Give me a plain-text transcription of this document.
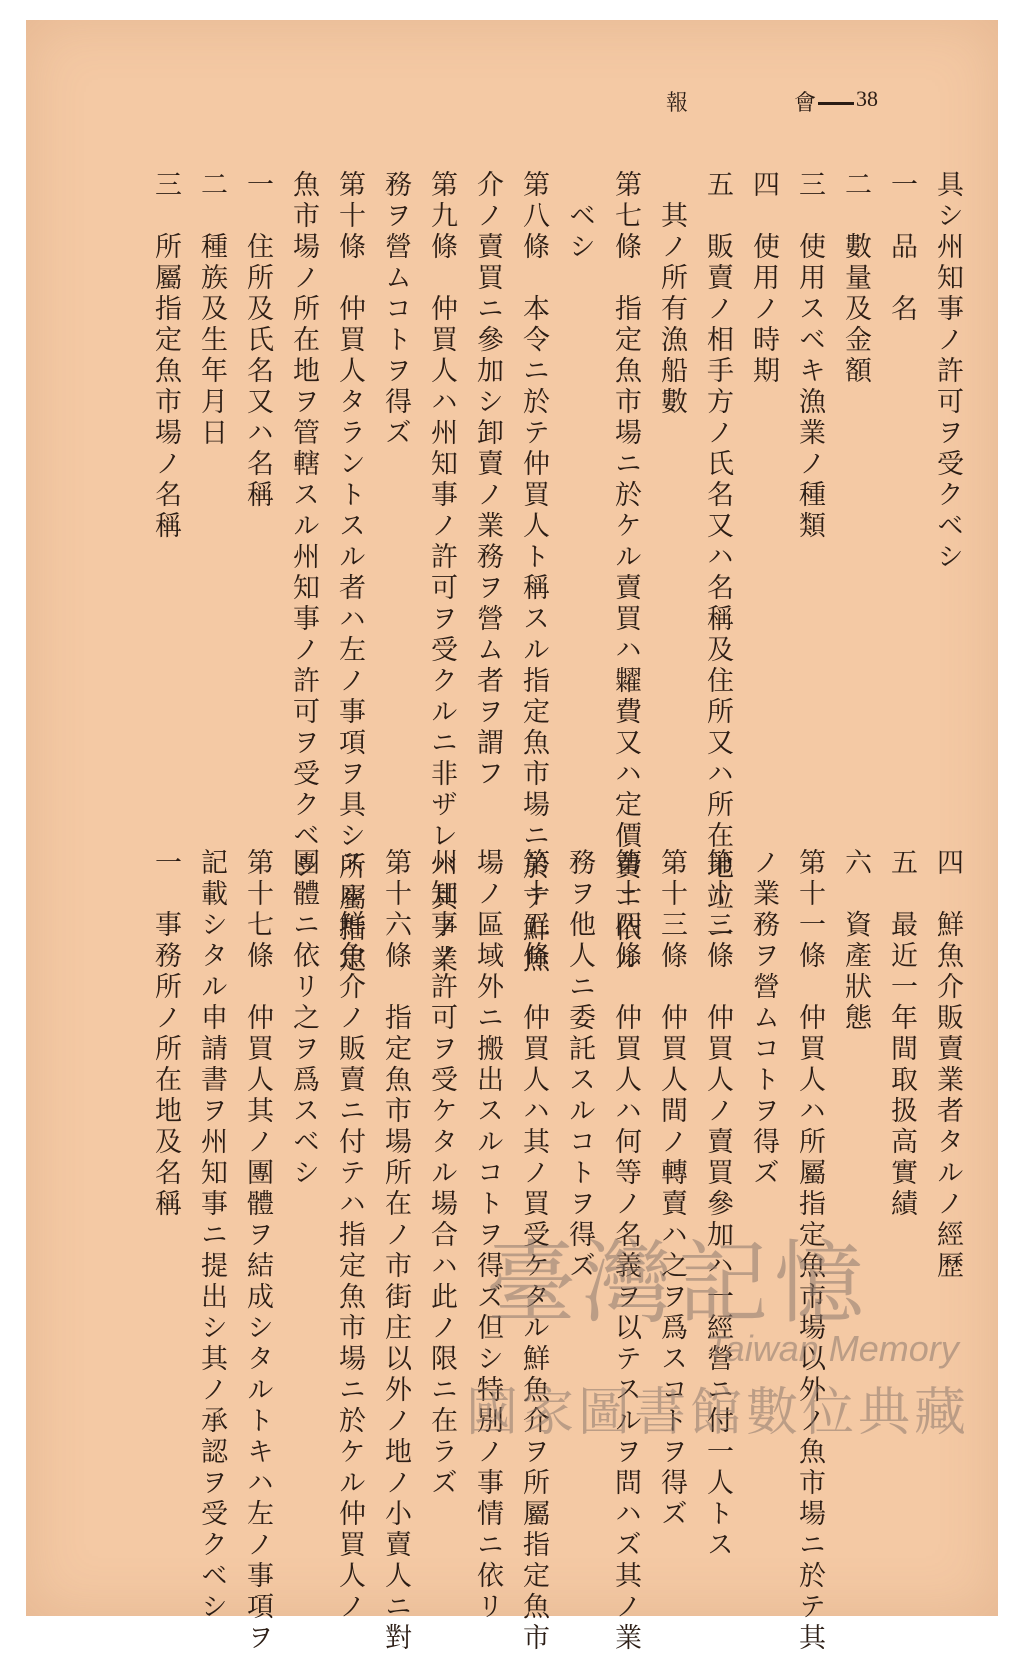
報	會 38
具シ州知事ノ許可ヲ受クベシ
一　品　名
二　數量及金額
三　使用スベキ漁業ノ種類
四　使用ノ時期
五　販賣ノ相手方ノ氏名又ハ名稱及住所又ハ所在地竝ニ
　其ノ所有漁船數
第七條　指定魚市場ニ於ケル賣買ハ糶費又ハ定價費ニ依ル
　ベシ
第八條　本令ニ於テ仲買人ト稱スル指定魚市場ニ於テ鮮魚
介ノ賣買ニ參加シ卸賣ノ業務ヲ營ム者ヲ謂フ
第九條　仲買人ハ州知事ノ許可ヲ受クルニ非ザレバ其ノ業
務ヲ營ムコトヲ得ズ
第十條　仲買人タラントスル者ハ左ノ事項ヲ具シ所屬指定
魚市場ノ所在地ヲ管轄スル州知事ノ許可ヲ受クベシ
一　住所及氏名又ハ名稱
二　種族及生年月日
三　所屬指定魚市場ノ名稱
四　鮮魚介販賣業者タルノ經歷
五　最近一年間取扱高實績
六　資產狀態
第十一條　仲買人ハ所屬指定魚市場以外ノ魚市場ニ於テ其
ノ業務ヲ營ムコトヲ得ズ
第十二條　仲買人ノ賣買參加ハ一經營ニ付一人トス
第十三條　仲買人間ノ轉賣ハ之ヲ爲スコトヲ得ズ
第十四條　仲買人ハ何等ノ名義ヲ以テスルヲ問ハズ其ノ業
務ヲ他人ニ委託スルコトヲ得ズ
第十五條　仲買人ハ其ノ買受ケタル鮮魚介ヲ所屬指定魚市
場ノ區域外ニ搬出スルコトヲ得ズ但シ特別ノ事情ニ依リ
州知事ノ許可ヲ受ケタル場合ハ此ノ限ニ在ラズ
第十六條　指定魚市場所在ノ市街庄以外ノ地ノ小賣人ニ對
スル鮮魚介ノ販賣ニ付テハ指定魚市場ニ於ケル仲買人ノ
團體ニ依リ之ヲ爲スベシ
第十七條　仲買人其ノ團體ヲ結成シタルトキハ左ノ事項ヲ
記載シタル申請書ヲ州知事ニ提出シ其ノ承認ヲ受クベシ
一　事務所ノ所在地及名稱
臺灣記憶
Taiwan Memory
國家圖書館數位典藏
